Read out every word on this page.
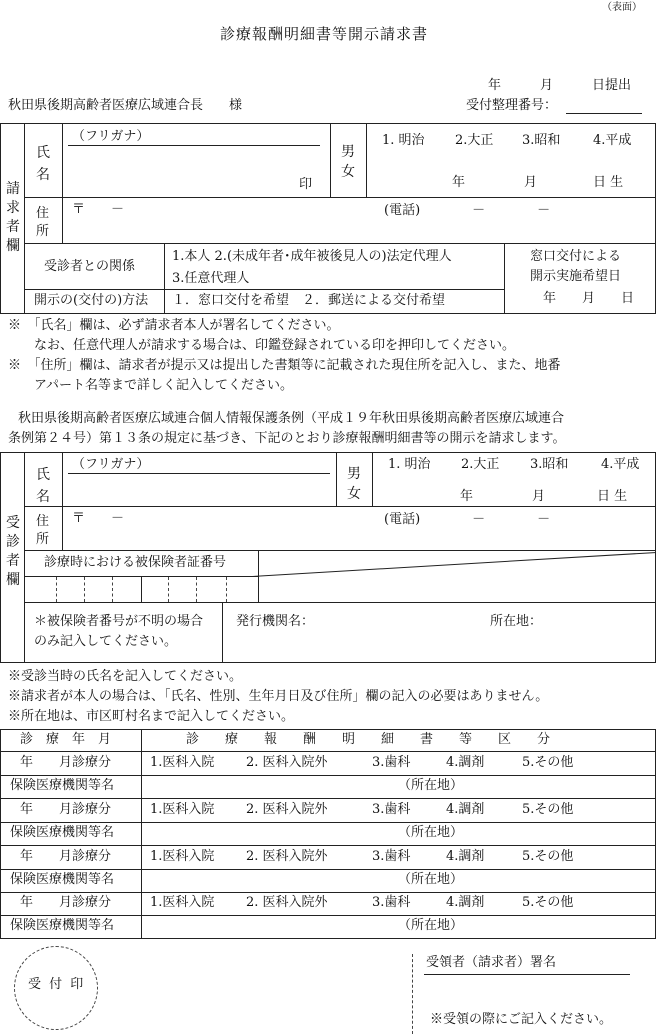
（表面）
診療報酬明細書等開示請求書
年　　　月　　　日提出
秋田県後期高齢者医療広域連合長　　様	受付整理番号：
請求者欄
氏名
（フリガナ）
印
男女
1. 明治 2.大正 3.昭和	4.平成
年	月	日 生
住所
〒　　－	(電話)　　　　－　　　　－
受診者との関係
1.本人 2.(未成年者･成年被後見人の)法定代理人
3.任意代理人
窓口交付による
開示実施希望日
年　　月　　日
開示の(交付の)方法 １．窓口交付を希望　２．郵送による交付希望
※　「氏名」欄は、必ず請求者本人が署名してください。
　　なお、任意代理人が請求する場合は、印鑑登録されている印を押印してください。
※　「住所」欄は、請求者が提示又は提出した書類等に記載された現住所を記入し、また、地番
　　アパート名等まで詳しく記入してください。
秋田県後期高齢者医療広域連合個人情報保護条例（平成１９年秋田県後期高齢者医療広域連合
条例第２４号）第１３条の規定に基づき、下記のとおり診療報酬明細書等の開示を請求します。
受診者欄
氏名
（フリガナ）
男女
1. 明治 2.大正 3.昭和	4.平成
年	月	日 生
住所
〒　　－	(電話)　　　　－　　　　－
診療時における被保険者証番号
＊被保険者番号が不明の場合
のみ記入してください。
発行機関名：	所在地：
※受診当時の氏名を記入してください。
※請求者が本人の場合は、「氏名、性別、生年月日及び住所」欄の記入の必要はありません。
※所在地は、市区町村名まで記入してください。
診　療　年　月	診　　療　　報　　酬　　明　　細　　書　　等　　区　　分
年　　月診療分	1.医科入院 2. 医科入院外	3.歯科	4.調剤	5.その他
保険医療機関等名	（所在地）
年　　月診療分	1.医科入院 2. 医科入院外	3.歯科	4.調剤	5.その他
保険医療機関等名	（所在地）
年　　月診療分	1.医科入院 2. 医科入院外	3.歯科	4.調剤	5.その他
保険医療機関等名	（所在地）
年　　月診療分	1.医科入院 2. 医科入院外	3.歯科	4.調剤	5.その他
保険医療機関等名	（所在地）
受 付 印
受領者（請求者）署名
※受領の際にご記入ください。
